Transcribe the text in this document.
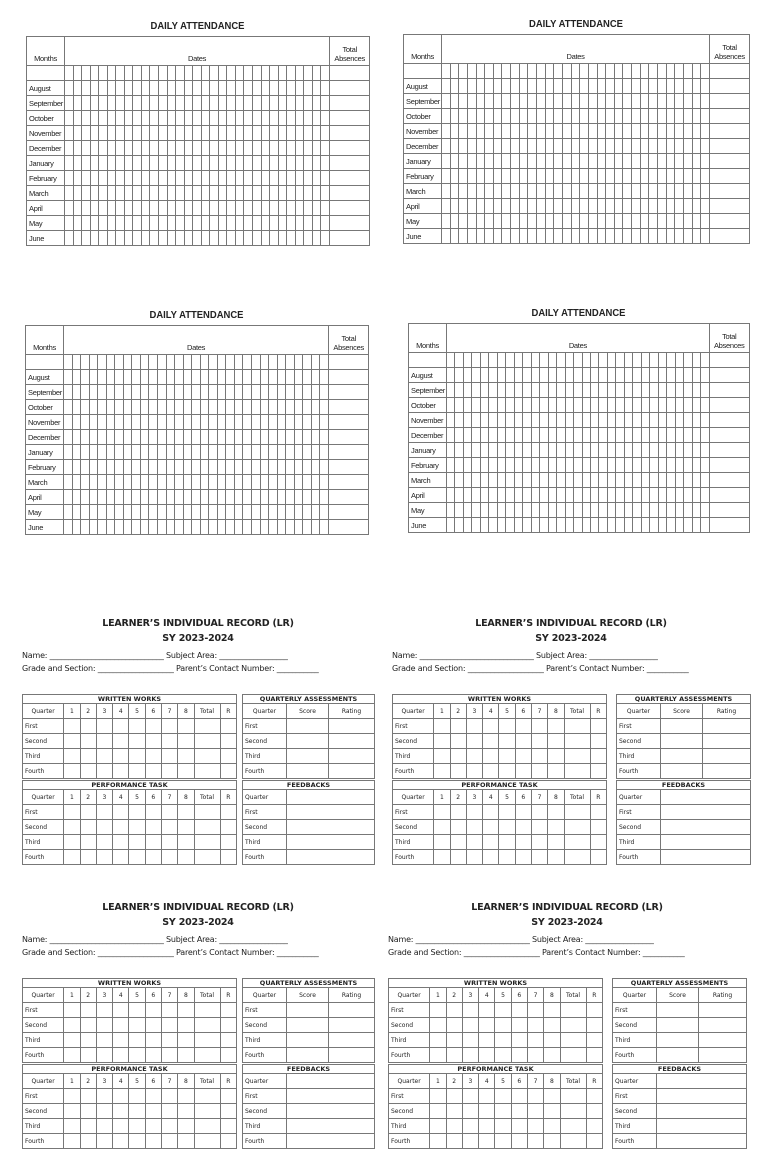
DAILY ATTENDANCE
Months	Dates																															Total
Absences

August																																
September																																
October																																
November																																
December																																
January																																
February																																
March																																
April																																
May																																
June																																
DAILY ATTENDANCE
Months	Dates																															Total
Absences

August																																
September																																
October																																
November																																
December																																
January																																
February																																
March																																
April																																
May																																
June																																
DAILY ATTENDANCE
Months	Dates																															Total
Absences

August																																
September																																
October																																
November																																
December																																
January																																
February																																
March																																
April																																
May																																
June																																
DAILY ATTENDANCE
Months	Dates																															Total
Absences

August																																
September																																
October																																
November																																
December																																
January																																
February																																
March																																
April																																
May																																
June																																
LEARNER’S INDIVIDUAL RECORD (LR)
SY 2023-2024
Name: ______________________________ Subject Area: __________________
Grade and Section: ____________________ Parent’s Contact Number: ___________
WRITTEN WORKS										
Quarter	1	2	3	4	5	6	7	8	Total	R
First										
Second										
Third										
Fourth										
PERFORMANCE TASK										
Quarter	1	2	3	4	5	6	7	8	Total	R
First										
Second										
Third										
Fourth										
QUARTERLY ASSESSMENTS		
Quarter	Score	Rating
First		
Second		
Third		
Fourth		
FEEDBACKS	
Quarter	
First	
Second	
Third	
Fourth	
LEARNER’S INDIVIDUAL RECORD (LR)
SY 2023-2024
Name: ______________________________ Subject Area: __________________
Grade and Section: ____________________ Parent’s Contact Number: ___________
WRITTEN WORKS										
Quarter	1	2	3	4	5	6	7	8	Total	R
First										
Second										
Third										
Fourth										
PERFORMANCE TASK										
Quarter	1	2	3	4	5	6	7	8	Total	R
First										
Second										
Third										
Fourth										
QUARTERLY ASSESSMENTS		
Quarter	Score	Rating
First		
Second		
Third		
Fourth		
FEEDBACKS	
Quarter	
First	
Second	
Third	
Fourth	
LEARNER’S INDIVIDUAL RECORD (LR)
SY 2023-2024
Name: ______________________________ Subject Area: __________________
Grade and Section: ____________________ Parent’s Contact Number: ___________
WRITTEN WORKS										
Quarter	1	2	3	4	5	6	7	8	Total	R
First										
Second										
Third										
Fourth										
PERFORMANCE TASK										
Quarter	1	2	3	4	5	6	7	8	Total	R
First										
Second										
Third										
Fourth										
QUARTERLY ASSESSMENTS		
Quarter	Score	Rating
First		
Second		
Third		
Fourth		
FEEDBACKS	
Quarter	
First	
Second	
Third	
Fourth	
LEARNER’S INDIVIDUAL RECORD (LR)
SY 2023-2024
Name: ______________________________ Subject Area: __________________
Grade and Section: ____________________ Parent’s Contact Number: ___________
WRITTEN WORKS										
Quarter	1	2	3	4	5	6	7	8	Total	R
First										
Second										
Third										
Fourth										
PERFORMANCE TASK										
Quarter	1	2	3	4	5	6	7	8	Total	R
First										
Second										
Third										
Fourth										
QUARTERLY ASSESSMENTS		
Quarter	Score	Rating
First		
Second		
Third		
Fourth		
FEEDBACKS	
Quarter	
First	
Second	
Third	
Fourth	
